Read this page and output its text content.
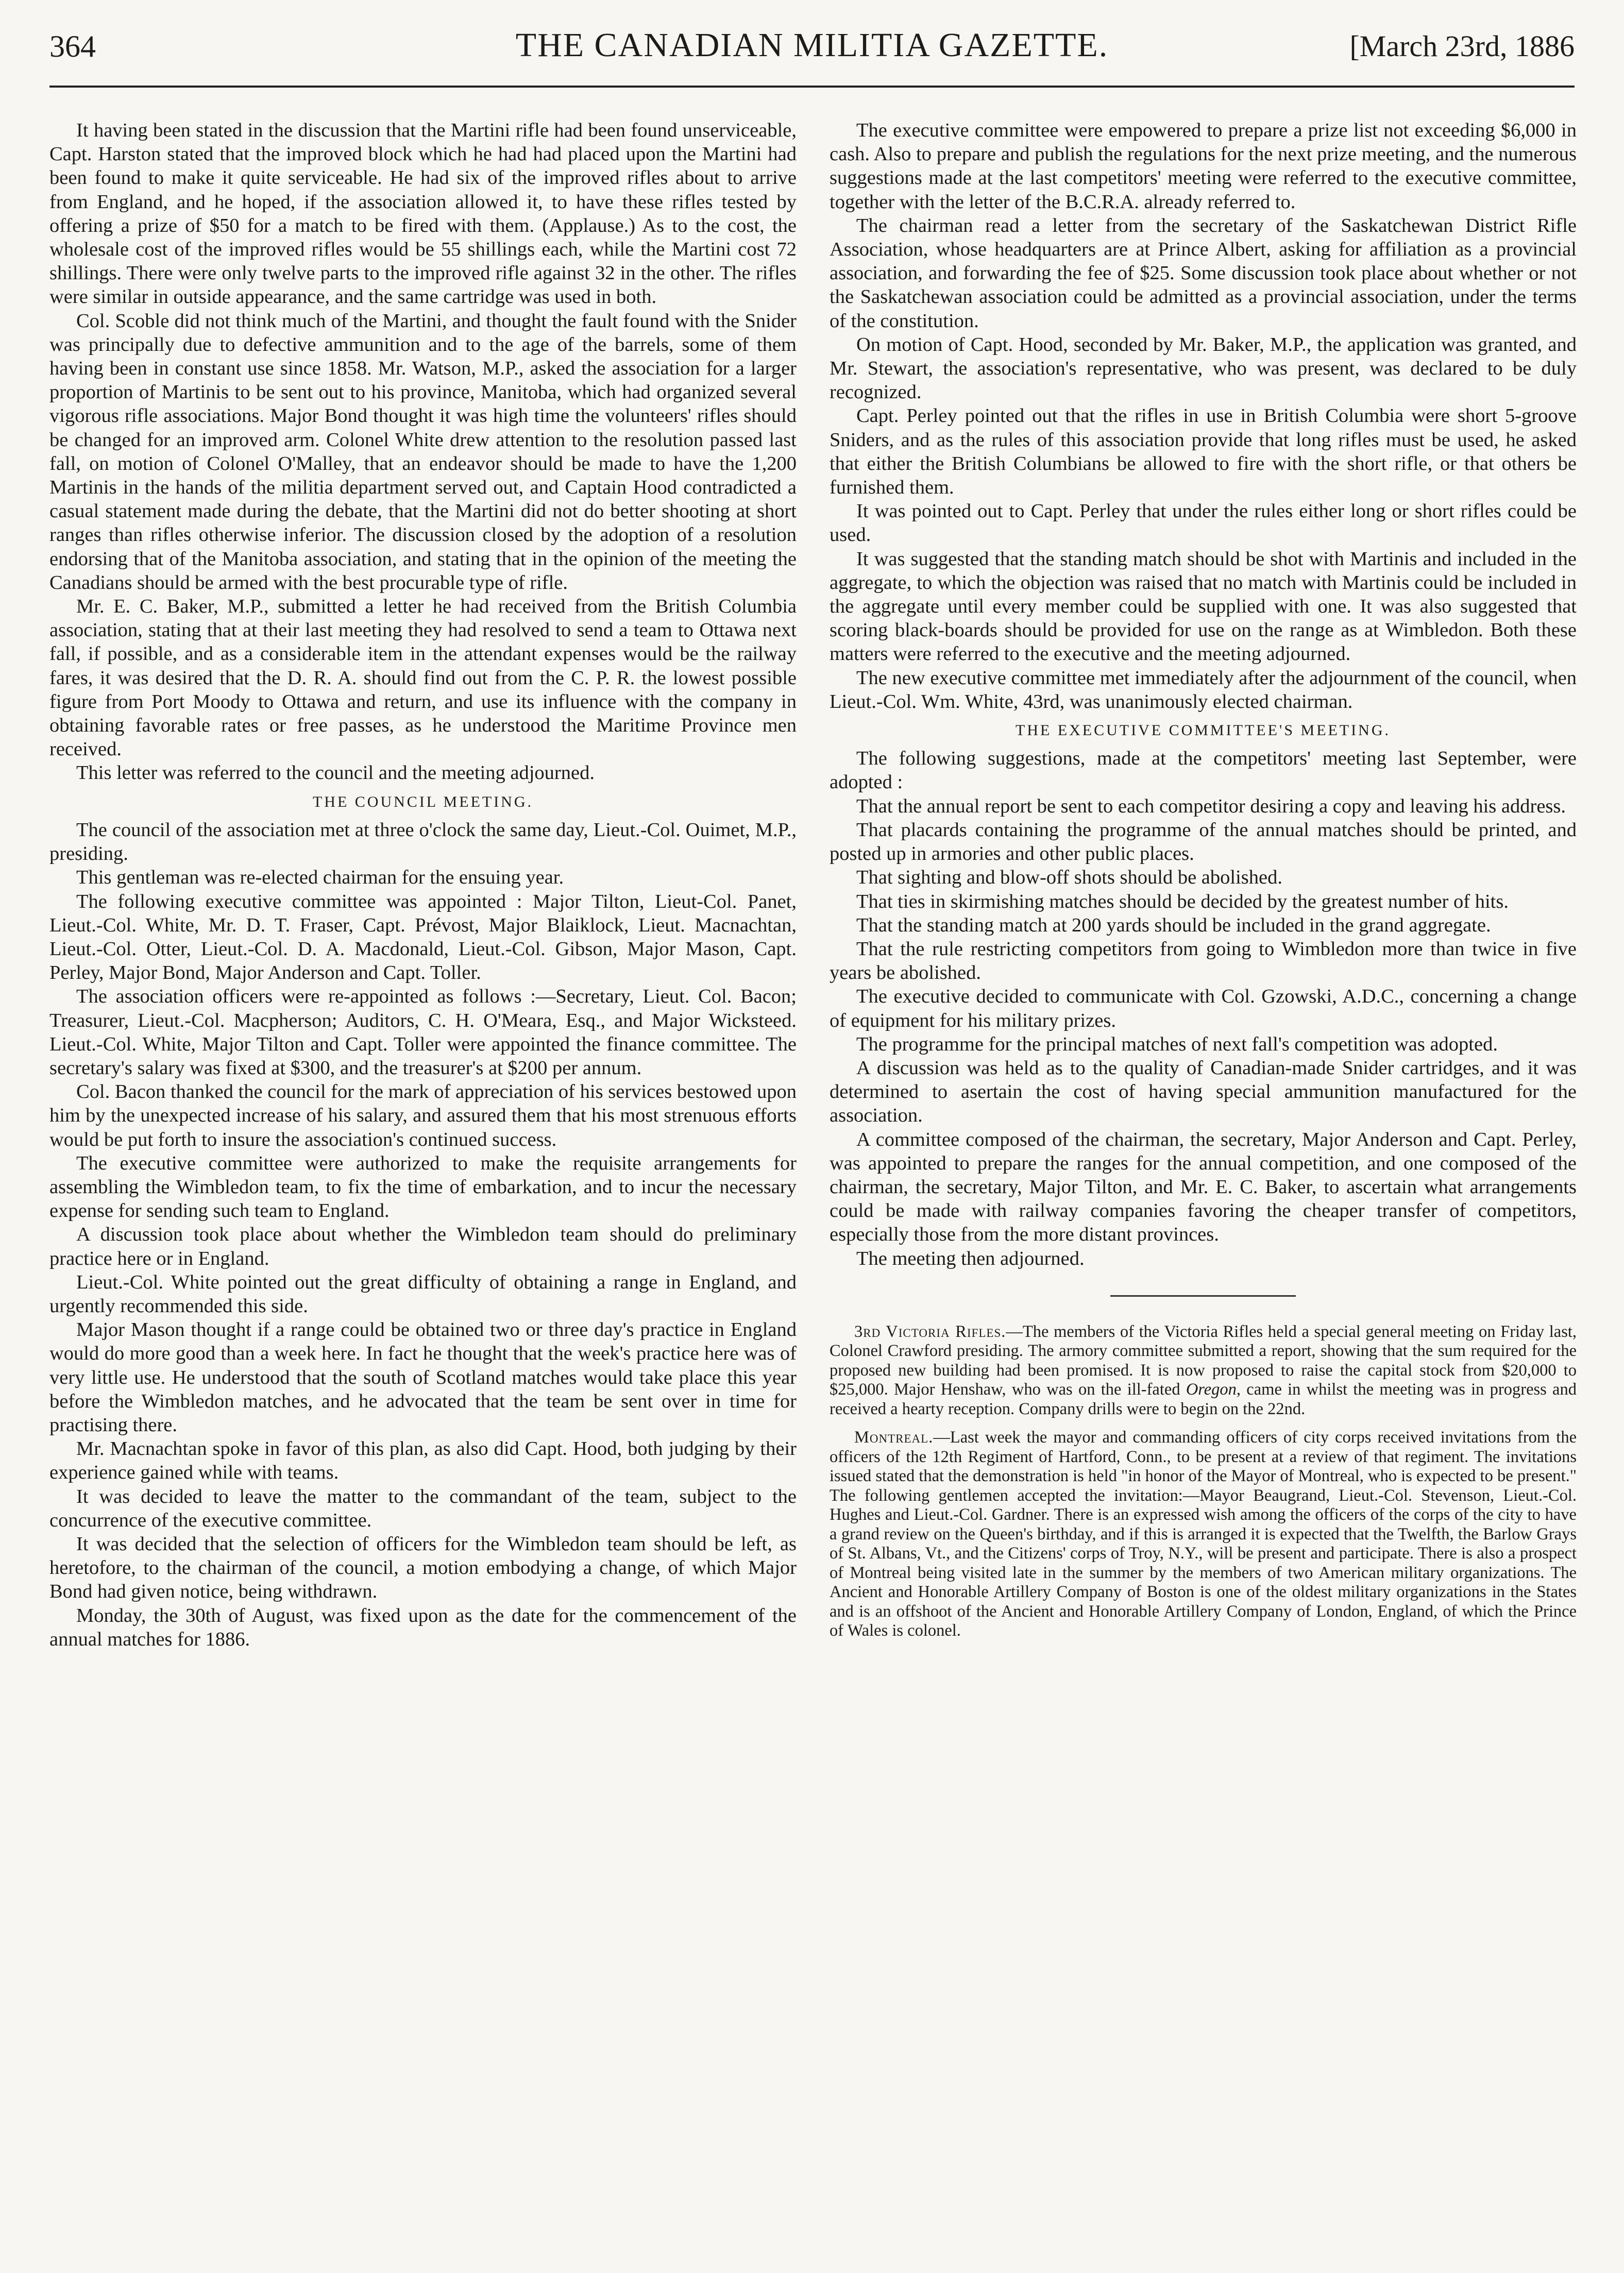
364	THE CANADIAN MILITIA GAZETTE.	[March 23rd, 1886

It having been stated in the discussion that the Martini rifle had been found unserviceable, Capt. Harston stated that the improved block which he had had placed upon the Martini had been found to make it quite serviceable. He had six of the improved rifles about to arrive from England, and he hoped, if the association allowed it, to have these rifles tested by offering a prize of $50 for a match to be fired with them. (Applause.) As to the cost, the wholesale cost of the improved rifles would be 55 shillings each, while the Martini cost 72 shillings. There were only twelve parts to the improved rifle against 32 in the other. The rifles were similar in outside appearance, and the same cartridge was used in both.

Col. Scoble did not think much of the Martini, and thought the fault found with the Snider was principally due to defective ammunition and to the age of the barrels, some of them having been in constant use since 1858. Mr. Watson, M.P., asked the association for a larger proportion of Martinis to be sent out to his province, Manitoba, which had organized several vigorous rifle associations. Major Bond thought it was high time the volunteers' rifles should be changed for an improved arm. Colonel White drew attention to the resolution passed last fall, on motion of Colonel O'Malley, that an endeavor should be made to have the 1,200 Martinis in the hands of the militia department served out, and Captain Hood contradicted a casual statement made during the debate, that the Martini did not do better shooting at short ranges than rifles otherwise inferior. The discussion closed by the adoption of a resolution endorsing that of the Manitoba association, and stating that in the opinion of the meeting the Canadians should be armed with the best procurable type of rifle.

Mr. E. C. Baker, M.P., submitted a letter he had received from the British Columbia association, stating that at their last meeting they had resolved to send a team to Ottawa next fall, if possible, and as a considerable item in the attendant expenses would be the railway fares, it was desired that the D. R. A. should find out from the C. P. R. the lowest possible figure from Port Moody to Ottawa and return, and use its influence with the company in obtaining favorable rates or free passes, as he understood the Maritime Province men received.

This letter was referred to the council and the meeting adjourned.

THE COUNCIL MEETING.

The council of the association met at three o'clock the same day, Lieut.-Col. Ouimet, M.P., presiding.

This gentleman was re-elected chairman for the ensuing year.

The following executive committee was appointed : Major Tilton, Lieut-Col. Panet, Lieut.-Col. White, Mr. D. T. Fraser, Capt. Prévost, Major Blaiklock, Lieut. Macnachtan, Lieut.-Col. Otter, Lieut.-Col. D. A. Macdonald, Lieut.-Col. Gibson, Major Mason, Capt. Perley, Major Bond, Major Anderson and Capt. Toller.

The association officers were re-appointed as follows :—Secretary, Lieut. Col. Bacon; Treasurer, Lieut.-Col. Macpherson; Auditors, C. H. O'Meara, Esq., and Major Wicksteed. Lieut.-Col. White, Major Tilton and Capt. Toller were appointed the finance committee. The secretary's salary was fixed at $300, and the treasurer's at $200 per annum.

Col. Bacon thanked the council for the mark of appreciation of his services bestowed upon him by the unexpected increase of his salary, and assured them that his most strenuous efforts would be put forth to insure the association's continued success.

The executive committee were authorized to make the requisite arrangements for assembling the Wimbledon team, to fix the time of embarkation, and to incur the necessary expense for sending such team to England.

A discussion took place about whether the Wimbledon team should do preliminary practice here or in England.

Lieut.-Col. White pointed out the great difficulty of obtaining a range in England, and urgently recommended this side.

Major Mason thought if a range could be obtained two or three day's practice in England would do more good than a week here. In fact he thought that the week's practice here was of very little use. He understood that the south of Scotland matches would take place this year before the Wimbledon matches, and he advocated that the team be sent over in time for practising there.

Mr. Macnachtan spoke in favor of this plan, as also did Capt. Hood, both judging by their experience gained while with teams.

It was decided to leave the matter to the commandant of the team, subject to the concurrence of the executive committee.

It was decided that the selection of officers for the Wimbledon team should be left, as heretofore, to the chairman of the council, a motion embodying a change, of which Major Bond had given notice, being withdrawn.

Monday, the 30th of August, was fixed upon as the date for the commencement of the annual matches for 1886.

The executive committee were empowered to prepare a prize list not exceeding $6,000 in cash. Also to prepare and publish the regulations for the next prize meeting, and the numerous suggestions made at the last competitors' meeting were referred to the executive committee, together with the letter of the B.C.R.A. already referred to.

The chairman read a letter from the secretary of the Saskatchewan District Rifle Association, whose headquarters are at Prince Albert, asking for affiliation as a provincial association, and forwarding the fee of $25. Some discussion took place about whether or not the Saskatchewan association could be admitted as a provincial association, under the terms of the constitution.

On motion of Capt. Hood, seconded by Mr. Baker, M.P., the application was granted, and Mr. Stewart, the association's representative, who was present, was declared to be duly recognized.

Capt. Perley pointed out that the rifles in use in British Columbia were short 5-groove Sniders, and as the rules of this association provide that long rifles must be used, he asked that either the British Columbians be allowed to fire with the short rifle, or that others be furnished them.

It was pointed out to Capt. Perley that under the rules either long or short rifles could be used.

It was suggested that the standing match should be shot with Martinis and included in the aggregate, to which the objection was raised that no match with Martinis could be included in the aggregate until every member could be supplied with one. It was also suggested that scoring black-boards should be provided for use on the range as at Wimbledon. Both these matters were referred to the executive and the meeting adjourned.

The new executive committee met immediately after the adjournment of the council, when Lieut.-Col. Wm. White, 43rd, was unanimously elected chairman.

THE EXECUTIVE COMMITTEE'S MEETING.

The following suggestions, made at the competitors' meeting last September, were adopted :

That the annual report be sent to each competitor desiring a copy and leaving his address.

That placards containing the programme of the annual matches should be printed, and posted up in armories and other public places.

That sighting and blow-off shots should be abolished.

That ties in skirmishing matches should be decided by the greatest number of hits.

That the standing match at 200 yards should be included in the grand aggregate.

That the rule restricting competitors from going to Wimbledon more than twice in five years be abolished.

The executive decided to communicate with Col. Gzowski, A.D.C., concerning a change of equipment for his military prizes.

The programme for the principal matches of next fall's competition was adopted.

A discussion was held as to the quality of Canadian-made Snider cartridges, and it was determined to asertain the cost of having special ammunition manufactured for the association.

A committee composed of the chairman, the secretary, Major Anderson and Capt. Perley, was appointed to prepare the ranges for the annual competition, and one composed of the chairman, the secretary, Major Tilton, and Mr. E. C. Baker, to ascertain what arrangements could be made with railway companies favoring the cheaper transfer of competitors, especially those from the more distant provinces.

The meeting then adjourned.

3rd Victoria Rifles.—The members of the Victoria Rifles held a special general meeting on Friday last, Colonel Crawford presiding. The armory committee submitted a report, showing that the sum required for the proposed new building had been promised. It is now proposed to raise the capital stock from $20,000 to $25,000. Major Henshaw, who was on the ill-fated Oregon, came in whilst the meeting was in progress and received a hearty reception. Company drills were to begin on the 22nd.

Montreal.—Last week the mayor and commanding officers of city corps received invitations from the officers of the 12th Regiment of Hartford, Conn., to be present at a review of that regiment. The invitations issued stated that the demonstration is held "in honor of the Mayor of Montreal, who is expected to be present." The following gentlemen accepted the invitation:—Mayor Beaugrand, Lieut.-Col. Stevenson, Lieut.-Col. Hughes and Lieut.-Col. Gardner. There is an expressed wish among the officers of the corps of the city to have a grand review on the Queen's birthday, and if this is arranged it is expected that the Twelfth, the Barlow Grays of St. Albans, Vt., and the Citizens' corps of Troy, N.Y., will be present and participate. There is also a prospect of Montreal being visited late in the summer by the members of two American military organizations. The Ancient and Honorable Artillery Company of Boston is one of the oldest military organizations in the States and is an offshoot of the Ancient and Honorable Artillery Company of London, England, of which the Prince of Wales is colonel.
